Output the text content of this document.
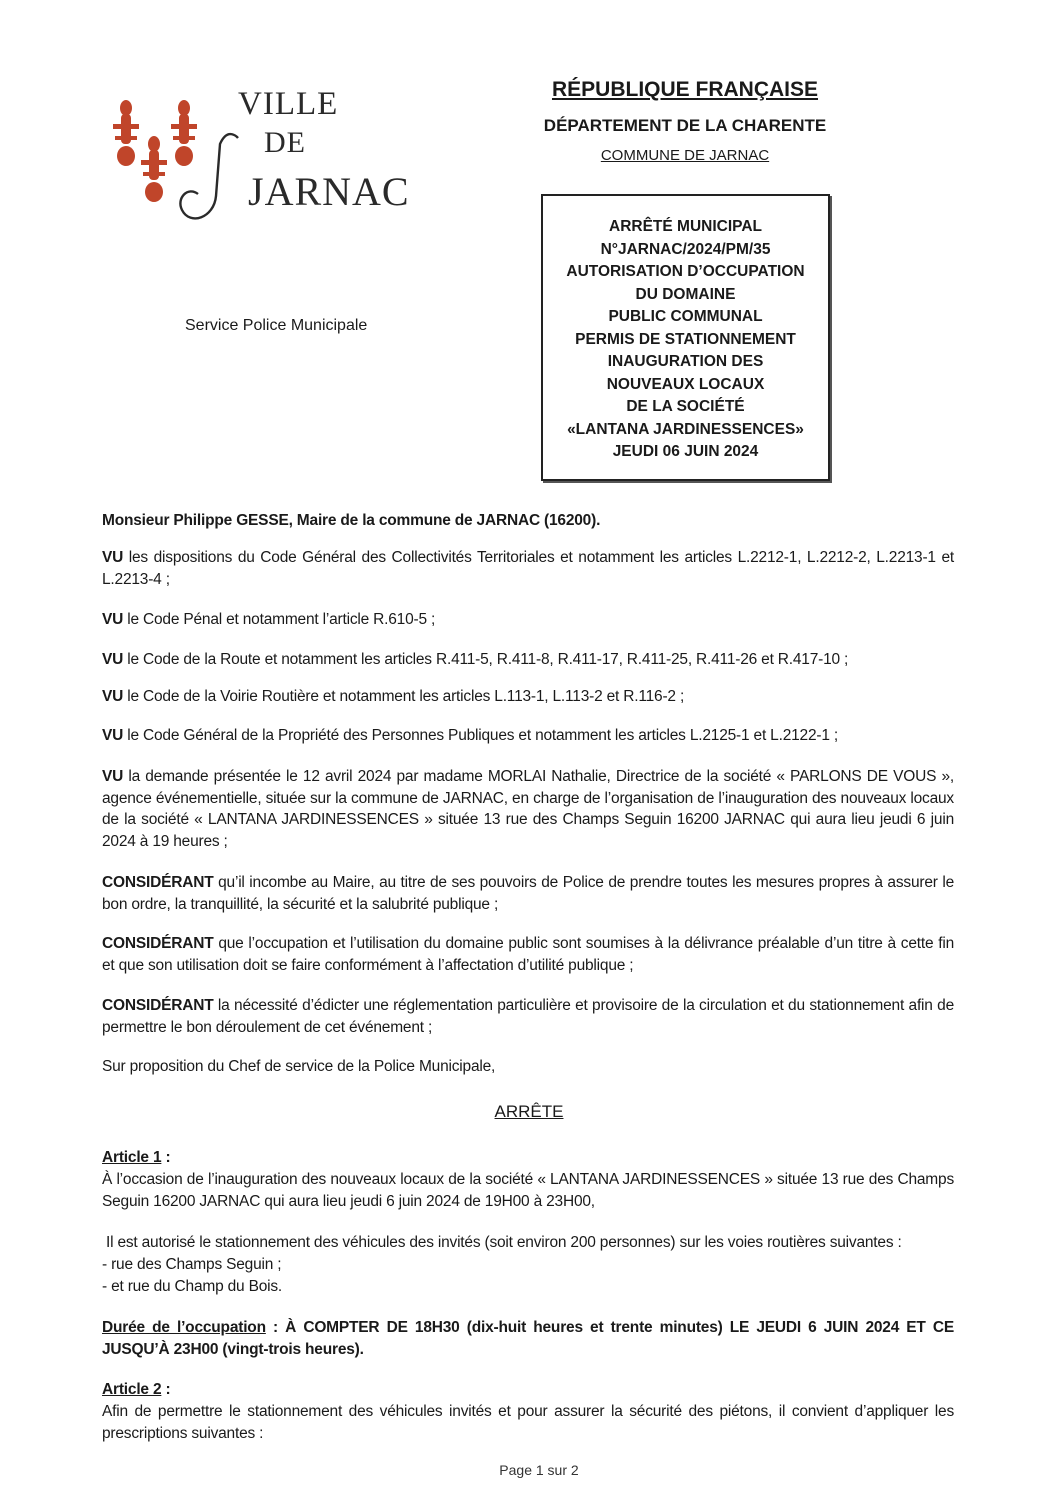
VILLE
DE
JARNAC
Service Police Municipale
RÉPUBLIQUE FRANÇAISE
DÉPARTEMENT DE LA CHARENTE
COMMUNE DE JARNAC
ARRÊTÉ MUNICIPAL
N°JARNAC/2024/PM/35
AUTORISATION D’OCCUPATION
DU DOMAINE
PUBLIC COMMUNAL
PERMIS DE STATIONNEMENT
INAUGURATION DES
NOUVEAUX LOCAUX
DE LA SOCIÉTÉ
«LANTANA JARDINESSENCES»
JEUDI 06 JUIN 2024
Monsieur Philippe GESSE, Maire de la commune de JARNAC (16200).
VU les dispositions du Code Général des Collectivités Territoriales et notamment les articles L.2212-1, L.2212-2, L.2213-1 et L.2213-4 ;
VU le Code Pénal et notamment l’article R.610-5 ;
VU le Code de la Route et notamment les articles R.411-5, R.411-8, R.411-17, R.411-25, R.411-26 et R.417-10 ;
VU le Code de la Voirie Routière et notamment les articles L.113-1, L.113-2 et R.116-2 ;
VU le Code Général de la Propriété des Personnes Publiques et notamment les articles L.2125-1 et L.2122-1 ;
VU la demande présentée le 12 avril 2024 par madame MORLAI Nathalie, Directrice de la société « PARLONS DE VOUS », agence événementielle, située sur la commune de JARNAC, en charge de l’organisation de l’inauguration des nouveaux locaux de la société « LANTANA JARDINESSENCES » située 13 rue des Champs Seguin 16200 JARNAC qui aura lieu jeudi 6 juin 2024 à 19 heures ;
CONSIDÉRANT qu’il incombe au Maire, au titre de ses pouvoirs de Police de prendre toutes les mesures propres à assurer le bon ordre, la tranquillité, la sécurité et la salubrité publique ;
CONSIDÉRANT que l’occupation et l’utilisation du domaine public sont soumises à la délivrance préalable d’un titre à cette fin et que son utilisation doit se faire conformément à l’affectation d’utilité publique ;
CONSIDÉRANT la nécessité d’édicter une réglementation particulière et provisoire de la circulation et du stationnement afin de permettre le bon déroulement de cet événement ;
Sur proposition du Chef de service de la Police Municipale,
ARRÊTE
Article 1 :
À l’occasion de l’inauguration des nouveaux locaux de la société « LANTANA JARDINESSENCES » située 13 rue des Champs Seguin 16200 JARNAC qui aura lieu jeudi 6 juin 2024 de 19H00 à 23H00,
Il est autorisé le stationnement des véhicules des invités (soit environ 200 personnes) sur les voies routières suivantes :
- rue des Champs Seguin ;
- et rue du Champ du Bois.
Durée de l’occupation : À COMPTER DE 18H30 (dix-huit heures et trente minutes) LE JEUDI 6 JUIN 2024 ET CE JUSQU’À 23H00 (vingt-trois heures).
Article 2 :
Afin de permettre le stationnement des véhicules invités et pour assurer la sécurité des piétons, il convient d’appliquer les prescriptions suivantes :
Page 1 sur 2
